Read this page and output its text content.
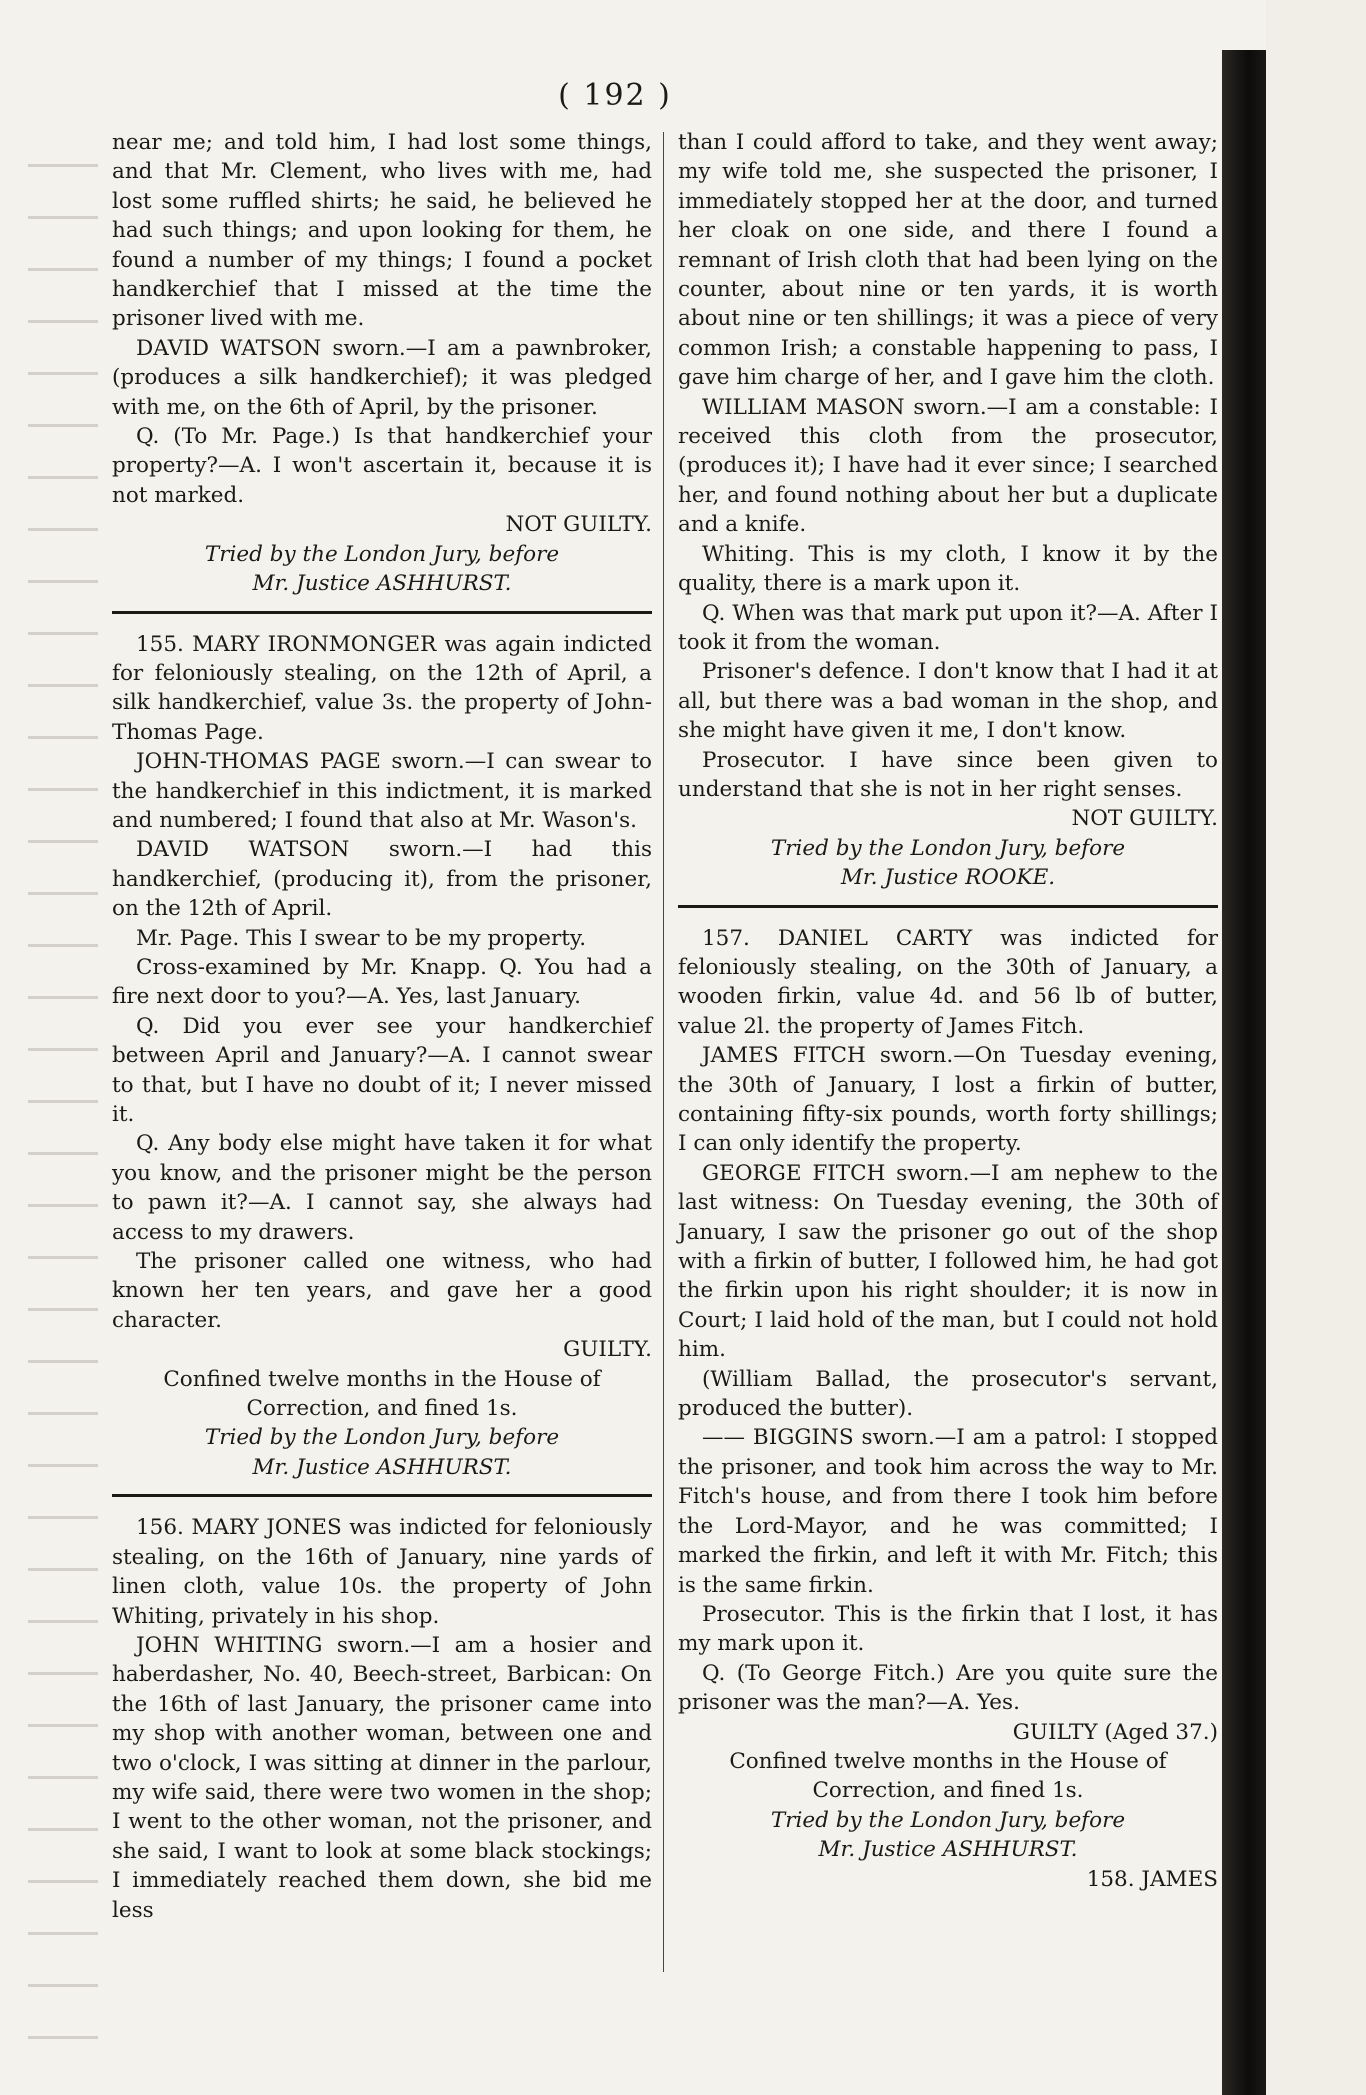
( 192 )

near me; and told him, I had lost some things, and that Mr. Clement, who lives with me, had lost some ruffled shirts; he said, he believed he had such things; and upon looking for them, he found a number of my things; I found a pocket handkerchief that I missed at the time the prisoner lived with me.

DAVID WATSON sworn.—I am a pawnbroker, (produces a silk handkerchief); it was pledged with me, on the 6th of April, by the prisoner.

Q. (To Mr. Page.) Is that handkerchief your property?—A. I won't ascertain it, because it is not marked.

NOT GUILTY.

Tried by the London Jury, before

Mr. Justice ASHHURST.

155. MARY IRONMONGER was again indicted for feloniously stealing, on the 12th of April, a silk handkerchief, value 3s. the property of John-Thomas Page.

JOHN-THOMAS PAGE sworn.—I can swear to the handkerchief in this indictment, it is marked and numbered; I found that also at Mr. Wason's.

DAVID WATSON sworn.—I had this handkerchief, (producing it), from the prisoner, on the 12th of April.

Mr. Page. This I swear to be my property.

Cross-examined by Mr. Knapp. Q. You had a fire next door to you?—A. Yes, last January.

Q. Did you ever see your handkerchief between April and January?—A. I cannot swear to that, but I have no doubt of it; I never missed it.

Q. Any body else might have taken it for what you know, and the prisoner might be the person to pawn it?—A. I cannot say, she always had access to my drawers.

The prisoner called one witness, who had known her ten years, and gave her a good character.

GUILTY.

Confined twelve months in the House of Correction, and fined 1s.

Tried by the London Jury, before

Mr. Justice ASHHURST.

156. MARY JONES was indicted for feloniously stealing, on the 16th of January, nine yards of linen cloth, value 10s. the property of John Whiting, privately in his shop.

JOHN WHITING sworn.—I am a hosier and haberdasher, No. 40, Beech-street, Barbican: On the 16th of last January, the prisoner came into my shop with another woman, between one and two o'clock, I was sitting at dinner in the parlour, my wife said, there were two women in the shop; I went to the other woman, not the prisoner, and she said, I want to look at some black stockings; I immediately reached them down, she bid me less

than I could afford to take, and they went away; my wife told me, she suspected the prisoner, I immediately stopped her at the door, and turned her cloak on one side, and there I found a remnant of Irish cloth that had been lying on the counter, about nine or ten yards, it is worth about nine or ten shillings; it was a piece of very common Irish; a constable happening to pass, I gave him charge of her, and I gave him the cloth.

WILLIAM MASON sworn.—I am a constable: I received this cloth from the prosecutor, (produces it); I have had it ever since; I searched her, and found nothing about her but a duplicate and a knife.

Whiting. This is my cloth, I know it by the quality, there is a mark upon it.

Q. When was that mark put upon it?—A. After I took it from the woman.

Prisoner's defence. I don't know that I had it at all, but there was a bad woman in the shop, and she might have given it me, I don't know.

Prosecutor. I have since been given to understand that she is not in her right senses.

NOT GUILTY.

Tried by the London Jury, before

Mr. Justice ROOKE.

157. DANIEL CARTY was indicted for feloniously stealing, on the 30th of January, a wooden firkin, value 4d. and 56 lb of butter, value 2l. the property of James Fitch.

JAMES FITCH sworn.—On Tuesday evening, the 30th of January, I lost a firkin of butter, containing fifty-six pounds, worth forty shillings; I can only identify the property.

GEORGE FITCH sworn.—I am nephew to the last witness: On Tuesday evening, the 30th of January, I saw the prisoner go out of the shop with a firkin of butter, I followed him, he had got the firkin upon his right shoulder; it is now in Court; I laid hold of the man, but I could not hold him.

(William Ballad, the prosecutor's servant, produced the butter).

—— BIGGINS sworn.—I am a patrol: I stopped the prisoner, and took him across the way to Mr. Fitch's house, and from there I took him before the Lord-Mayor, and he was committed; I marked the firkin, and left it with Mr. Fitch; this is the same firkin.

Prosecutor. This is the firkin that I lost, it has my mark upon it.

Q. (To George Fitch.) Are you quite sure the prisoner was the man?—A. Yes.

GUILTY (Aged 37.)

Confined twelve months in the House of Correction, and fined 1s.

Tried by the London Jury, before

Mr. Justice ASHHURST.

158. JAMES
